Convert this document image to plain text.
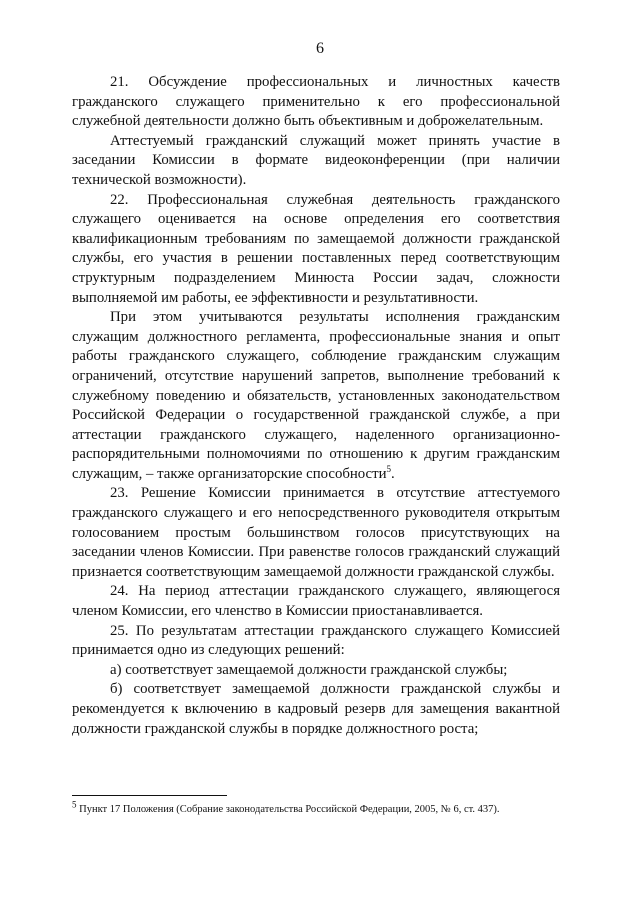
6

21. Обсуждение профессиональных и личностных качеств гражданского служащего применительно к его профессиональной служебной деятельности должно быть объективным и доброжелательным.

Аттестуемый гражданский служащий может принять участие в заседании Комиссии в формате видеоконференции (при наличии технической возможности).

22. Профессиональная служебная деятельность гражданского служащего оценивается на основе определения его соответствия квалификационным требованиям по замещаемой должности гражданской службы, его участия в решении поставленных перед соответствующим структурным подразделением Минюста России задач, сложности выполняемой им работы, ее эффективности и результативности.

При этом учитываются результаты исполнения гражданским служащим должностного регламента, профессиональные знания и опыт работы гражданского служащего, соблюдение гражданским служащим ограничений, отсутствие нарушений запретов, выполнение требований к служебному поведению и обязательств, установленных законодательством Российской Федерации о государственной гражданской службе, а при аттестации гражданского служащего, наделенного организационно-распорядительными полномочиями по отношению к другим гражданским служащим, – также организаторские способности$^5$.

23. Решение Комиссии принимается в отсутствие аттестуемого гражданского служащего и его непосредственного руководителя открытым голосованием простым большинством голосов присутствующих на заседании членов Комиссии. При равенстве голосов гражданский служащий признается соответствующим замещаемой должности гражданской службы.

24. На период аттестации гражданского служащего, являющегося членом Комиссии, его членство в Комиссии приостанавливается.

25. По результатам аттестации гражданского служащего Комиссией принимается одно из следующих решений:

а) соответствует замещаемой должности гражданской службы;

б) соответствует замещаемой должности гражданской службы и рекомендуется к включению в кадровый резерв для замещения вакантной должности гражданской службы в порядке должностного роста;

$^5$ Пункт 17 Положения (Собрание законодательства Российской Федерации, 2005, № 6, ст. 437).
